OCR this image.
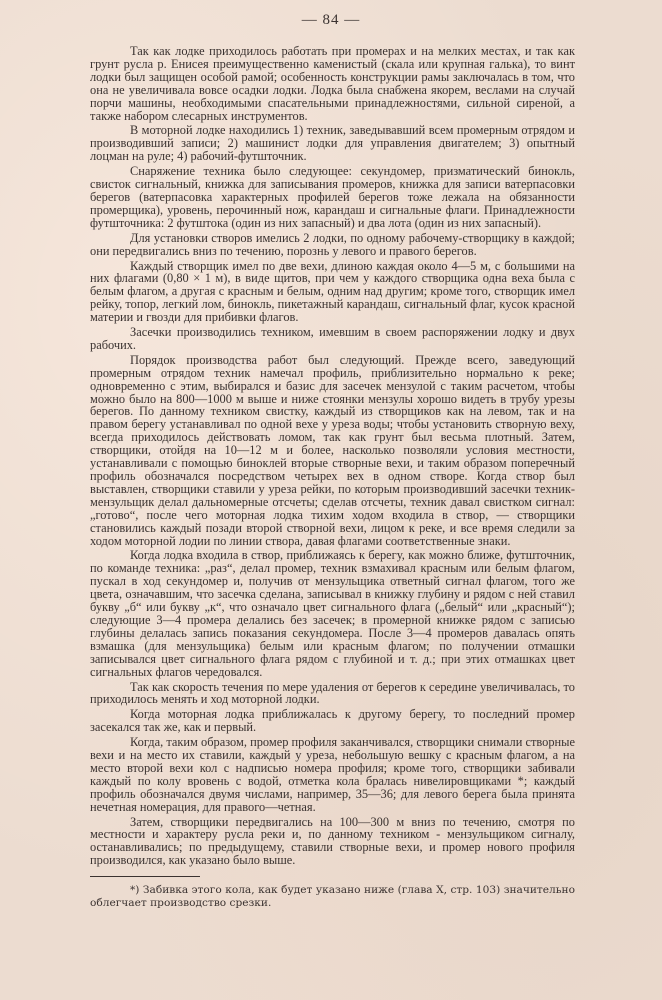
— 84 —

Так как лодке приходилось работать при промерах и на мелких местах, и так как грунт русла р. Енисея преимущественно каменистый (скала или крупная галька), то винт лодки был защищен особой рамой; особенность конструкции рамы заключалась в том, что она не увеличивала вовсе осадки лодки. Лодка была снабжена якорем, веслами на случай порчи машины, необходимыми спасательными принадлежностями, сильной сиреной, а также набором слесарных инструментов.

В моторной лодке находились 1) техник, заведывавший всем промерным отрядом и производивший записи; 2) машинист лодки для управления двигателем; 3) опытный лоцман на руле; 4) рабочий-футшточник.

Снаряжение техника было следующее: секундомер, призматический бинокль, свисток сигнальный, книжка для записывания промеров, книжка для записи ватерпасовки берегов (ватерпасовка характерных профилей берегов тоже лежала на обязанности промерщика), уровень, перочинный нож, карандаш и сигнальные флаги. Принадлежности футшточника: 2 футштока (один из них запасный) и два лота (один из них запасный).

Для установки створов имелись 2 лодки, по одному рабочему-створщику в каждой; они передвигались вниз по течению, порознь у левого и правого берегов.

Каждый створщик имел по две вехи, длиною каждая около 4—5 м, с большими на них флагами (0,80 × 1 м), в виде щитов, при чем у каждого створщика одна веха была с белым флагом, а другая с красным и белым, одним над другим; кроме того, створщик имел рейку, топор, легкий лом, бинокль, пикетажный карандаш, сигнальный флаг, кусок красной материи и гвозди для прибивки флагов.

Засечки производились техником, имевшим в своем распоряжении лодку и двух рабочих.

Порядок производства работ был следующий. Прежде всего, заведующий промерным отрядом техник намечал профиль, приблизительно нормально к реке; одновременно с этим, выбирался и базис для засечек мензулой с таким расчетом, чтобы можно было на 800—1000 м выше и ниже стоянки мензулы хорошо видеть в трубу урезы берегов. По данному техником свистку, каждый из створщиков как на левом, так и на правом берегу устанавливал по одной вехе у уреза воды; чтобы установить створную веху, всегда приходилось действовать ломом, так как грунт был весьма плотный. Затем, створщики, отойдя на 10—12 м и более, насколько позволяли условия местности, устанавливали с помощью биноклей вторые створные вехи, и таким образом поперечный профиль обозначался посредством четырех вех в одном створе. Когда створ был выставлен, створщики ставили у уреза рейки, по которым производивший засечки техник-мензульщик делал дальномерные отсчеты; сделав отсчеты, техник давал свистком сигнал: „готово“, после чего моторная лодка тихим ходом входила в створ, — створщики становились каждый позади второй створной вехи, лицом к реке, и все время следили за ходом моторной лодии по линии створа, давая флагами соответственные знаки.

Когда лодка входила в створ, приближаясь к берегу, как можно ближе, футшточник, по команде техника: „раз“, делал промер, техник взмахивал красным или белым флагом, пускал в ход секундомер и, получив от мензульщика ответный сигнал флагом, того же цвета, означавшим, что засечка сделана, записывал в книжку глубину и рядом с ней ставил букву „б“ или букву „к“, что означало цвет сигнального флага („белый“ или „красный“); следующие 3—4 промера делались без засечек; в промерной книжке рядом с записью глубины делалась запись показания секундомера. После 3—4 промеров давалась опять взмашка (для мензульщика) белым или красным флагом; по получении отмашки записывался цвет сигнального флага рядом с глубиной и т. д.; при этих отмашках цвет сигнальных флагов чередовался.

Так как скорость течения по мере удаления от берегов к середине увеличивалась, то приходилось менять и ход моторной лодки.

Когда моторная лодка приближалась к другому берегу, то последний промер засекался так же, как и первый.

Когда, таким образом, промер профиля заканчивался, створщики снимали створные вехи и на место их ставили, каждый у уреза, небольшую вешку с красным флагом, а на место второй вехи кол с надписью номера профиля; кроме того, створщики забивали каждый по колу вровень с водой, отметка кола бралась нивелировщиками *; каждый профиль обозначался двумя числами, например, 35—36; для левого берега была принята нечетная номерация, для правого—четная.

Затем, створщики передвигались на 100—300 м вниз по течению, смотря по местности и характеру русла реки и, по данному техником - мензульщиком сигналу, останавливались; по предыдущему, ставили створные вехи, и промер нового профиля производился, как указано было выше.

*) Забивка этого кола, как будет указано ниже (глава X, стр. 103) значительно облегчает производство срезки.
